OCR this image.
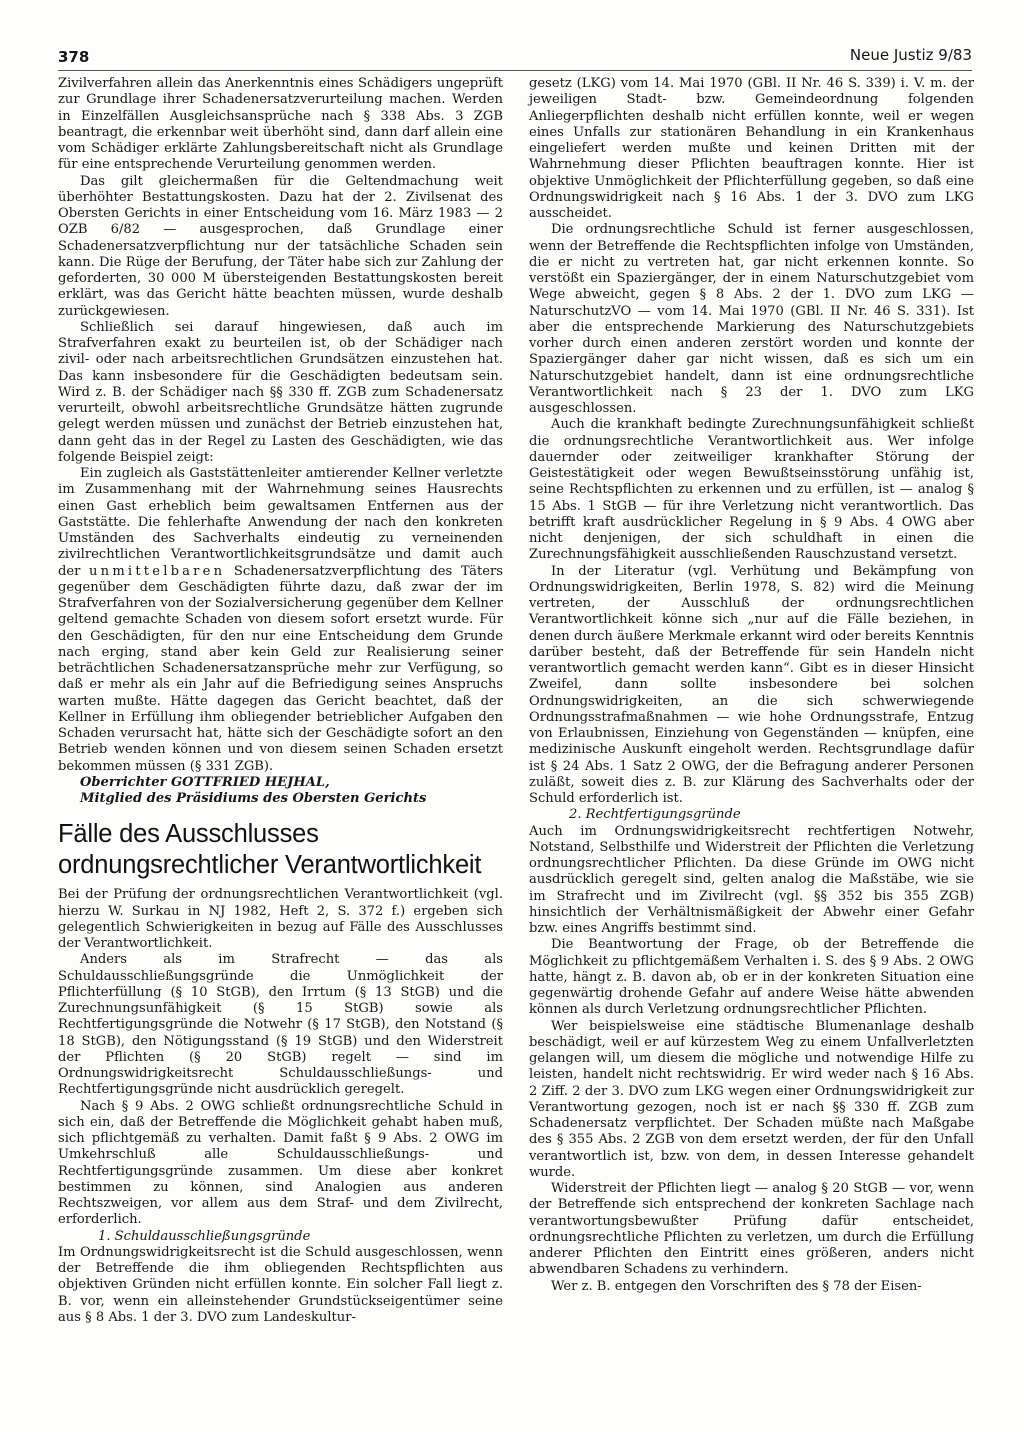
378	Neue Justiz 9/83

Zivilverfahren allein das Anerkenntnis eines Schädigers ungeprüft zur Grundlage ihrer Schadenersatzverurteilung machen. Werden in Einzelfällen Ausgleichsansprüche nach § 338 Abs. 3 ZGB beantragt, die erkennbar weit überhöht sind, dann darf allein eine vom Schädiger erklärte Zahlungsbereitschaft nicht als Grundlage für eine entsprechende Verurteilung genommen werden.

Das gilt gleichermaßen für die Geltendmachung weit überhöhter Bestattungskosten. Dazu hat der 2. Zivilsenat des Obersten Gerichts in einer Entscheidung vom 16. März 1983 — 2 OZB 6/82 — ausgesprochen, daß Grundlage einer Schadenersatzverpflichtung nur der tatsächliche Schaden sein kann. Die Rüge der Berufung, der Täter habe sich zur Zahlung der geforderten, 30 000 M übersteigenden Bestattungskosten bereit erklärt, was das Gericht hätte beachten müssen, wurde deshalb zurückgewiesen.

Schließlich sei darauf hingewiesen, daß auch im Strafverfahren exakt zu beurteilen ist, ob der Schädiger nach zivil- oder nach arbeitsrechtlichen Grundsätzen einzustehen hat. Das kann insbesondere für die Geschädigten bedeutsam sein. Wird z. B. der Schädiger nach §§ 330 ff. ZGB zum Schadenersatz verurteilt, obwohl arbeitsrechtliche Grundsätze hätten zugrunde gelegt werden müssen und zunächst der Betrieb einzustehen hat, dann geht das in der Regel zu Lasten des Geschädigten, wie das folgende Beispiel zeigt:

Ein zugleich als Gaststättenleiter amtierender Kellner verletzte im Zusammenhang mit der Wahrnehmung seines Hausrechts einen Gast erheblich beim gewaltsamen Entfernen aus der Gaststätte. Die fehlerhafte Anwendung der nach den konkreten Umständen des Sachverhalts eindeutig zu verneinenden zivilrechtlichen Verantwortlichkeitsgrundsätze und damit auch der unmittelbaren Schadenersatzverpflichtung des Täters gegenüber dem Geschädigten führte dazu, daß zwar der im Strafverfahren von der Sozialversicherung gegenüber dem Kellner geltend gemachte Schaden von diesem sofort ersetzt wurde. Für den Geschädigten, für den nur eine Entscheidung dem Grunde nach erging, stand aber kein Geld zur Realisierung seiner beträchtlichen Schadenersatzansprüche mehr zur Verfügung, so daß er mehr als ein Jahr auf die Befriedigung seines Anspruchs warten mußte. Hätte dagegen das Gericht beachtet, daß der Kellner in Erfüllung ihm obliegender betrieblicher Aufgaben den Schaden verursacht hat, hätte sich der Geschädigte sofort an den Betrieb wenden können und von diesem seinen Schaden ersetzt bekommen müssen (§ 331 ZGB).

Oberrichter GOTTFRIED HEJHAL,

Mitglied des Präsidiums des Obersten Gerichts

Fälle des Ausschlusses ordnungsrechtlicher Verantwortlichkeit

Bei der Prüfung der ordnungsrechtlichen Verantwortlichkeit (vgl. hierzu W. Surkau in NJ 1982, Heft 2, S. 372 f.) ergeben sich gelegentlich Schwierigkeiten in bezug auf Fälle des Ausschlusses der Verantwortlichkeit.

Anders als im Strafrecht — das als Schuldausschließungsgründe die Unmöglichkeit der Pflichterfüllung (§ 10 StGB), den Irrtum (§ 13 StGB) und die Zurechnungsunfähigkeit (§ 15 StGB) sowie als Rechtfertigungsgründe die Notwehr (§ 17 StGB), den Notstand (§ 18 StGB), den Nötigungsstand (§ 19 StGB) und den Widerstreit der Pflichten (§ 20 StGB) regelt — sind im Ordnungswidrigkeitsrecht Schuldausschließungs- und Rechtfertigungsgründe nicht ausdrücklich geregelt.

Nach § 9 Abs. 2 OWG schließt ordnungsrechtliche Schuld in sich ein, daß der Betreffende die Möglichkeit gehabt haben muß, sich pflichtgemäß zu verhalten. Damit faßt § 9 Abs. 2 OWG im Umkehrschluß alle Schuldausschließungs- und Rechtfertigungsgründe zusammen. Um diese aber konkret bestimmen zu können, sind Analogien aus anderen Rechtszweigen, vor allem aus dem Straf- und dem Zivilrecht, erforderlich.

1. Schuldausschließungsgründe

Im Ordnungswidrigkeitsrecht ist die Schuld ausgeschlossen, wenn der Betreffende die ihm obliegenden Rechtspflichten aus objektiven Gründen nicht erfüllen konnte. Ein solcher Fall liegt z. B. vor, wenn ein alleinstehender Grundstückseigentümer seine aus § 8 Abs. 1 der 3. DVO zum Landeskultur-

gesetz (LKG) vom 14. Mai 1970 (GBl. II Nr. 46 S. 339) i. V. m. der jeweiligen Stadt- bzw. Gemeindeordnung folgenden Anliegerpflichten deshalb nicht erfüllen konnte, weil er wegen eines Unfalls zur stationären Behandlung in ein Krankenhaus eingeliefert werden mußte und keinen Dritten mit der Wahrnehmung dieser Pflichten beauftragen konnte. Hier ist objektive Unmöglichkeit der Pflichterfüllung gegeben, so daß eine Ordnungswidrigkeit nach § 16 Abs. 1 der 3. DVO zum LKG ausscheidet.

Die ordnungsrechtliche Schuld ist ferner ausgeschlossen, wenn der Betreffende die Rechtspflichten infolge von Umständen, die er nicht zu vertreten hat, gar nicht erkennen konnte. So verstößt ein Spaziergänger, der in einem Naturschutzgebiet vom Wege abweicht, gegen § 8 Abs. 2 der 1. DVO zum LKG — NaturschutzVO — vom 14. Mai 1970 (GBl. II Nr. 46 S. 331). Ist aber die entsprechende Markierung des Naturschutzgebiets vorher durch einen anderen zerstört worden und konnte der Spaziergänger daher gar nicht wissen, daß es sich um ein Naturschutzgebiet handelt, dann ist eine ordnungsrechtliche Verantwortlichkeit nach § 23 der 1. DVO zum LKG ausgeschlossen.

Auch die krankhaft bedingte Zurechnungsunfähigkeit schließt die ordnungsrechtliche Verantwortlichkeit aus. Wer infolge dauernder oder zeitweiliger krankhafter Störung der Geistestätigkeit oder wegen Bewußtseinsstörung unfähig ist, seine Rechtspflichten zu erkennen und zu erfüllen, ist — analog § 15 Abs. 1 StGB — für ihre Verletzung nicht verantwortlich. Das betrifft kraft ausdrücklicher Regelung in § 9 Abs. 4 OWG aber nicht denjenigen, der sich schuldhaft in einen die Zurechnungsfähigkeit ausschließenden Rauschzustand versetzt.

In der Literatur (vgl. Verhütung und Bekämpfung von Ordnungswidrigkeiten, Berlin 1978, S. 82) wird die Meinung vertreten, der Ausschluß der ordnungsrechtlichen Verantwortlichkeit könne sich „nur auf die Fälle beziehen, in denen durch äußere Merkmale erkannt wird oder bereits Kenntnis darüber besteht, daß der Betreffende für sein Handeln nicht verantwortlich gemacht werden kann“. Gibt es in dieser Hinsicht Zweifel, dann sollte insbesondere bei solchen Ordnungswidrigkeiten, an die sich schwerwiegende Ordnungsstrafmaßnahmen — wie hohe Ordnungsstrafe, Entzug von Erlaubnissen, Einziehung von Gegenständen — knüpfen, eine medizinische Auskunft eingeholt werden. Rechtsgrundlage dafür ist § 24 Abs. 1 Satz 2 OWG, der die Befragung anderer Personen zuläßt, soweit dies z. B. zur Klärung des Sachverhalts oder der Schuld erforderlich ist.

2. Rechtfertigungsgründe

Auch im Ordnungswidrigkeitsrecht rechtfertigen Notwehr, Notstand, Selbsthilfe und Widerstreit der Pflichten die Verletzung ordnungsrechtlicher Pflichten. Da diese Gründe im OWG nicht ausdrücklich geregelt sind, gelten analog die Maßstäbe, wie sie im Strafrecht und im Zivilrecht (vgl. §§ 352 bis 355 ZGB) hinsichtlich der Verhältnismäßigkeit der Abwehr einer Gefahr bzw. eines Angriffs bestimmt sind.

Die Beantwortung der Frage, ob der Betreffende die Möglichkeit zu pflichtgemäßem Verhalten i. S. des § 9 Abs. 2 OWG hatte, hängt z. B. davon ab, ob er in der konkreten Situation eine gegenwärtig drohende Gefahr auf andere Weise hätte abwenden können als durch Verletzung ordnungsrechtlicher Pflichten.

Wer beispielsweise eine städtische Blumenanlage deshalb beschädigt, weil er auf kürzestem Weg zu einem Unfallverletzten gelangen will, um diesem die mögliche und notwendige Hilfe zu leisten, handelt nicht rechtswidrig. Er wird weder nach § 16 Abs. 2 Ziff. 2 der 3. DVO zum LKG wegen einer Ordnungswidrigkeit zur Verantwortung gezogen, noch ist er nach §§ 330 ff. ZGB zum Schadenersatz verpflichtet. Der Schaden müßte nach Maßgabe des § 355 Abs. 2 ZGB von dem ersetzt werden, der für den Unfall verantwortlich ist, bzw. von dem, in dessen Interesse gehandelt wurde.

Widerstreit der Pflichten liegt — analog § 20 StGB — vor, wenn der Betreffende sich entsprechend der konkreten Sachlage nach verantwortungsbewußter Prüfung dafür entscheidet, ordnungsrechtliche Pflichten zu verletzen, um durch die Erfüllung anderer Pflichten den Eintritt eines größeren, anders nicht abwendbaren Schadens zu verhindern.

Wer z. B. entgegen den Vorschriften des § 78 der Eisen-
